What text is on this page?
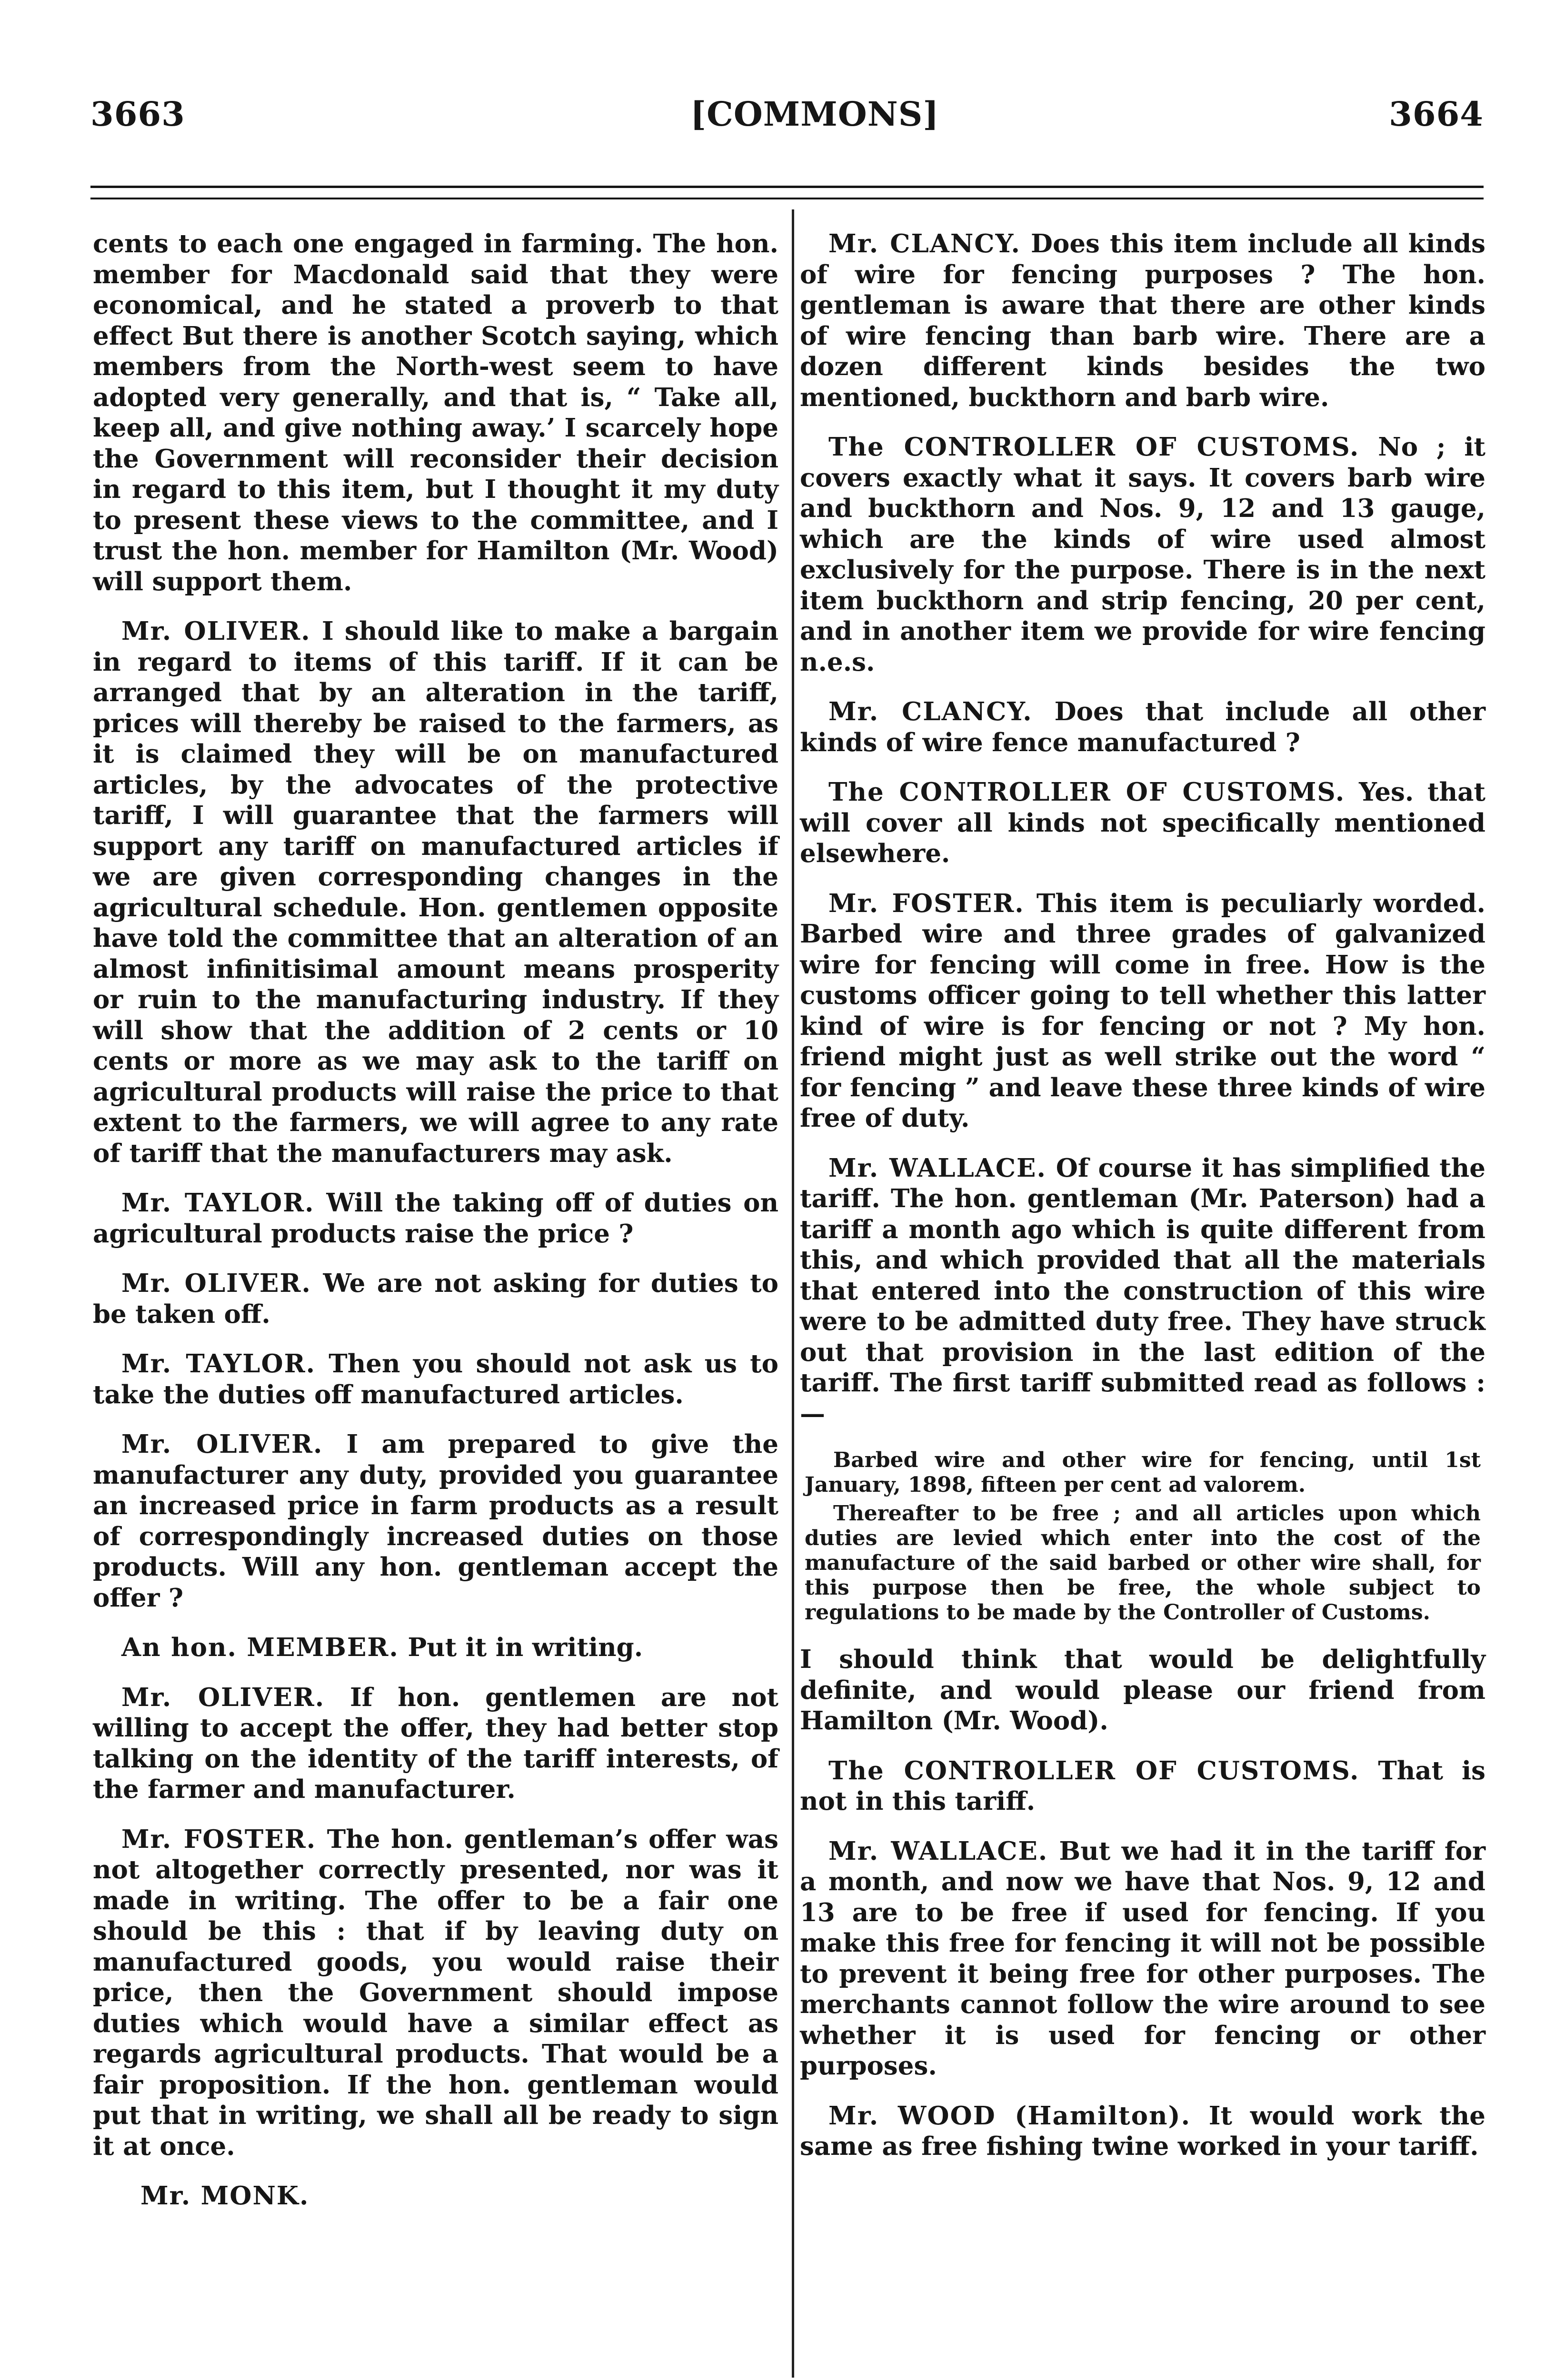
3663	[COMMONS]	3664

cents to each one engaged in farming. The hon. member for Macdonald said that they were economical, and he stated a proverb to that effect But there is another Scotch saying, which members from the North-west seem to have adopted very generally, and that is, “ Take all, keep all, and give nothing away.’ I scarcely hope the Government will reconsider their decision in regard to this item, but I thought it my duty to present these views to the committee, and I trust the hon. member for Hamilton (Mr. Wood) will support them.

Mr. OLIVER. I should like to make a bargain in regard to items of this tariff. If it can be arranged that by an alteration in the tariff, prices will thereby be raised to the farmers, as it is claimed they will be on manufactured articles, by the advocates of the protective tariff, I will guarantee that the farmers will support any tariff on manufactured articles if we are given corresponding changes in the agricultural schedule. Hon. gentlemen opposite have told the committee that an alteration of an almost infinitisimal amount means prosperity or ruin to the manufacturing industry. If they will show that the addition of 2 cents or 10 cents or more as we may ask to the tariff on agricultural products will raise the price to that extent to the farmers, we will agree to any rate of tariff that the manufacturers may ask.

Mr. TAYLOR. Will the taking off of duties on agricultural products raise the price ?

Mr. OLIVER. We are not asking for duties to be taken off.

Mr. TAYLOR. Then you should not ask us to take the duties off manufactured articles.

Mr. OLIVER. I am prepared to give the manufacturer any duty, provided you guarantee an increased price in farm products as a result of correspondingly increased duties on those products. Will any hon. gentleman accept the offer ?

An hon. MEMBER. Put it in writing.

Mr. OLIVER. If hon. gentlemen are not willing to accept the offer, they had better stop talking on the identity of the tariff interests, of the farmer and manufacturer.

Mr. FOSTER. The hon. gentleman’s offer was not altogether correctly presented, nor was it made in writing. The offer to be a fair one should be this : that if by leaving duty on manufactured goods, you would raise their price, then the Government should impose duties which would have a similar effect as regards agricultural products. That would be a fair proposition. If the hon. gentleman would put that in writing, we shall all be ready to sign it at once.

Mr. MONK.

Mr. CLANCY. Does this item include all kinds of wire for fencing purposes ? The hon. gentleman is aware that there are other kinds of wire fencing than barb wire. There are a dozen different kinds besides the two mentioned, buckthorn and barb wire.

The CONTROLLER OF CUSTOMS. No ; it covers exactly what it says. It covers barb wire and buckthorn and Nos. 9, 12 and 13 gauge, which are the kinds of wire used almost exclusively for the purpose. There is in the next item buckthorn and strip fencing, 20 per cent, and in another item we provide for wire fencing n.e.s.

Mr. CLANCY. Does that include all other kinds of wire fence manufactured ?

The CONTROLLER OF CUSTOMS. Yes. that will cover all kinds not specifically mentioned elsewhere.

Mr. FOSTER. This item is peculiarly worded. Barbed wire and three grades of galvanized wire for fencing will come in free. How is the customs officer going to tell whether this latter kind of wire is for fencing or not ? My hon. friend might just as well strike out the word “ for fencing ” and leave these three kinds of wire free of duty.

Mr. WALLACE. Of course it has simplified the tariff. The hon. gentleman (Mr. Paterson) had a tariff a month ago which is quite different from this, and which provided that all the materials that entered into the construction of this wire were to be admitted duty free. They have struck out that provision in the last edition of the tariff. The first tariff submitted read as follows :—

Barbed wire and other wire for fencing, until 1st January, 1898, fifteen per cent ad valorem.

Thereafter to be free ; and all articles upon which duties are levied which enter into the cost of the manufacture of the said barbed or other wire shall, for this purpose then be free, the whole subject to regulations to be made by the Controller of Customs.

I should think that would be delightfully definite, and would please our friend from Hamilton (Mr. Wood).

The CONTROLLER OF CUSTOMS. That is not in this tariff.

Mr. WALLACE. But we had it in the tariff for a month, and now we have that Nos. 9, 12 and 13 are to be free if used for fencing. If you make this free for fencing it will not be possible to prevent it being free for other purposes. The merchants cannot follow the wire around to see whether it is used for fencing or other purposes.

Mr. WOOD (Hamilton). It would work the same as free fishing twine worked in your tariff.
